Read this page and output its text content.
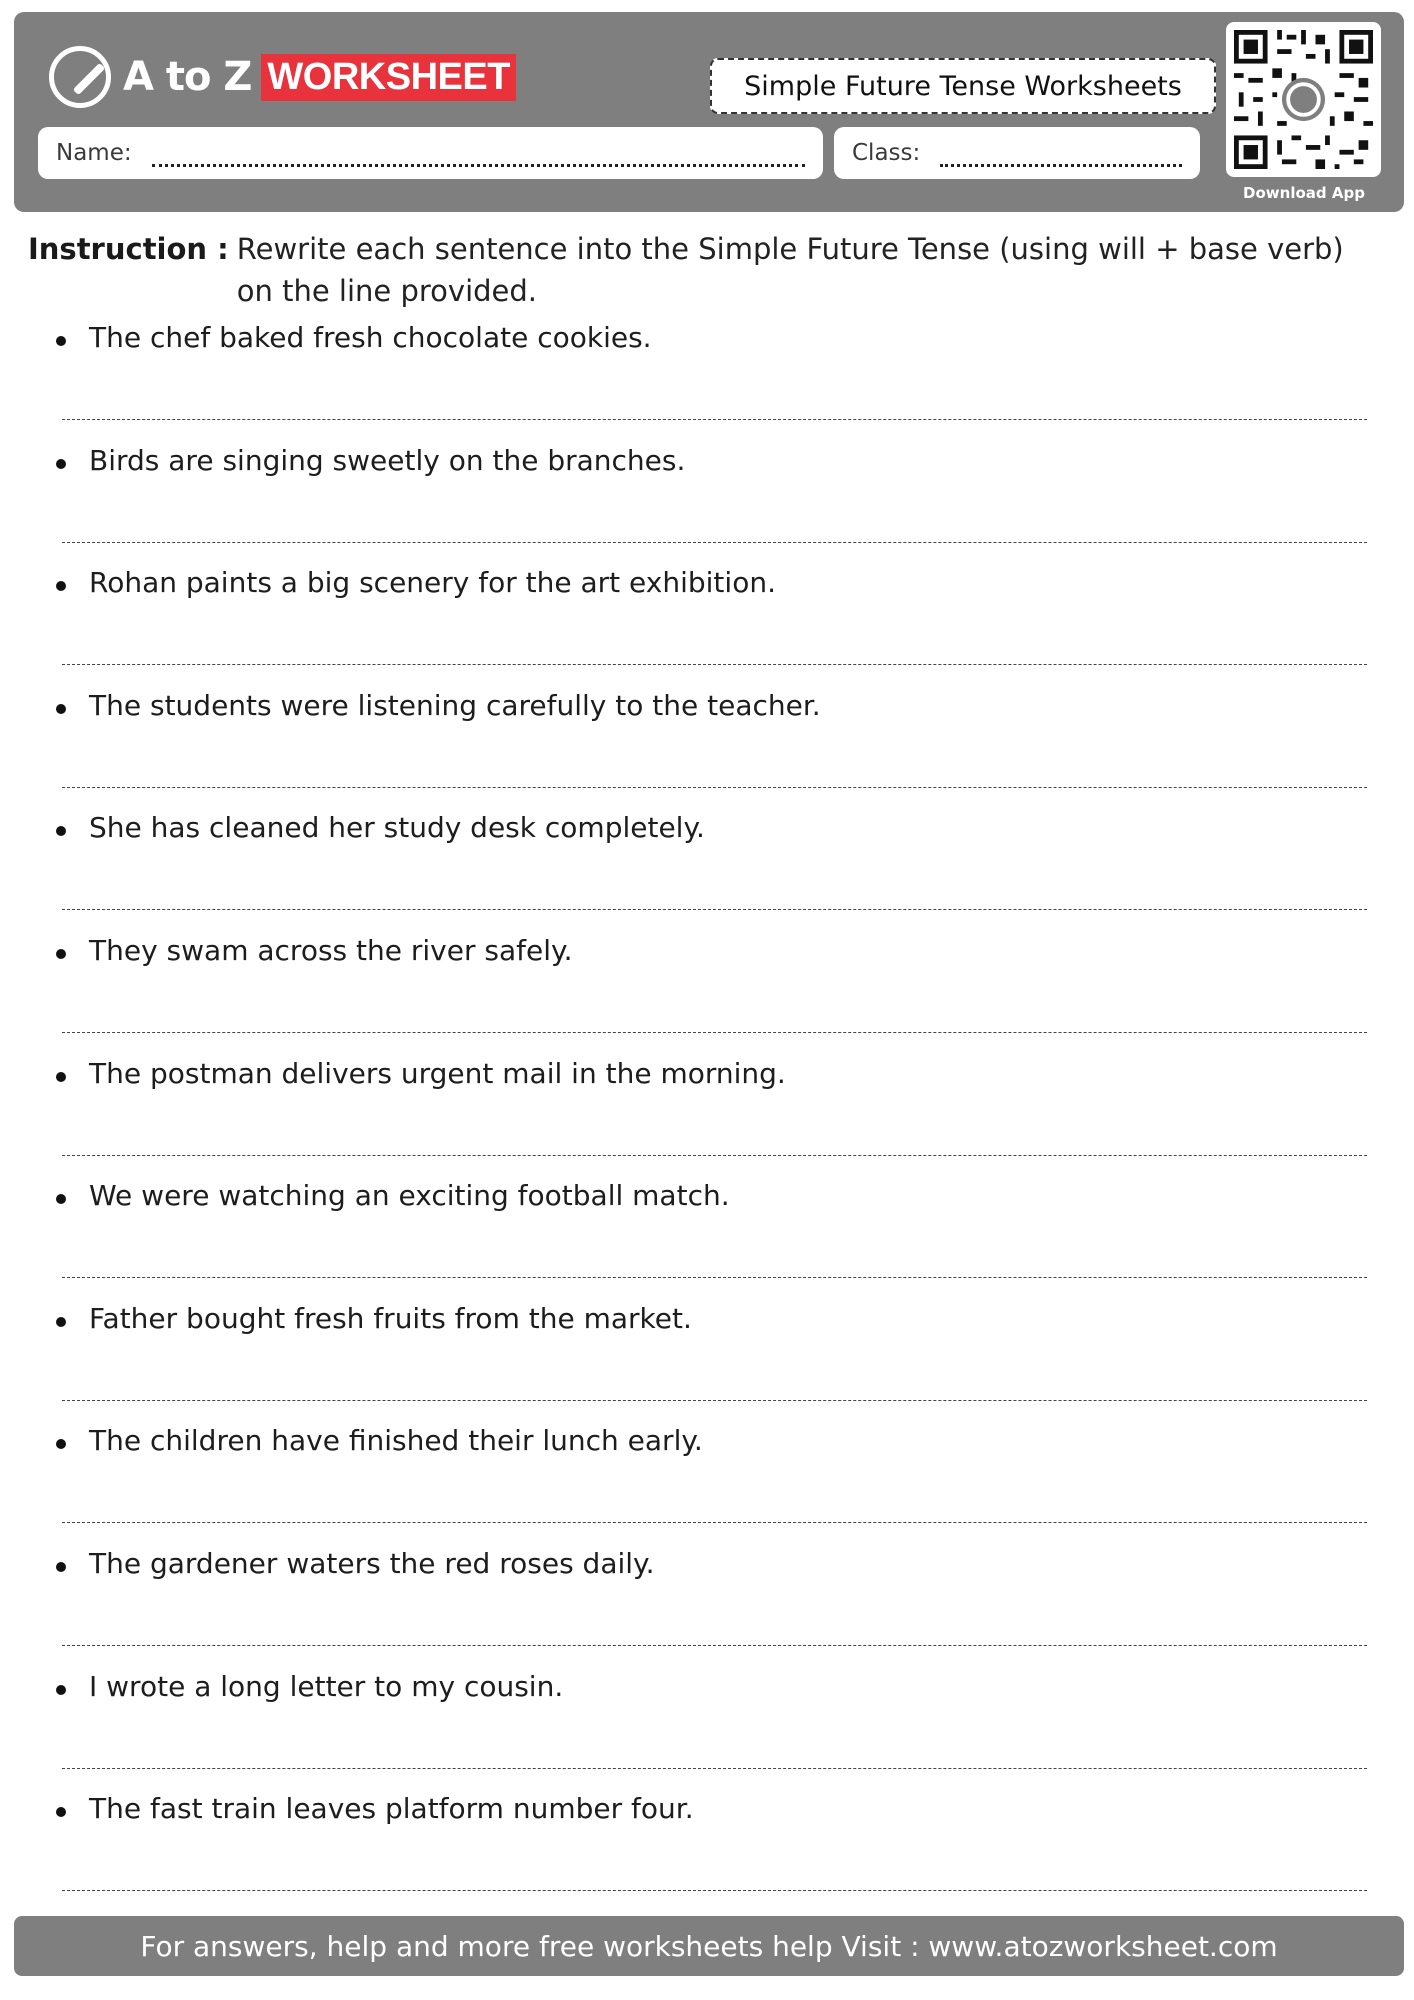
A to Z WORKSHEET	Simple Future Tense Worksheets
Name:	Class:
Download App
Instruction : Rewrite each sentence into the Simple Future Tense (using will + base verb) on the line provided.
The chef baked fresh chocolate cookies.
Birds are singing sweetly on the branches.
Rohan paints a big scenery for the art exhibition.
The students were listening carefully to the teacher.
She has cleaned her study desk completely.
They swam across the river safely.
The postman delivers urgent mail in the morning.
We were watching an exciting football match.
Father bought fresh fruits from the market.
The children have finished their lunch early.
The gardener waters the red roses daily.
I wrote a long letter to my cousin.
The fast train leaves platform number four.
For answers, help and more free worksheets help Visit : www.atozworksheet.com
